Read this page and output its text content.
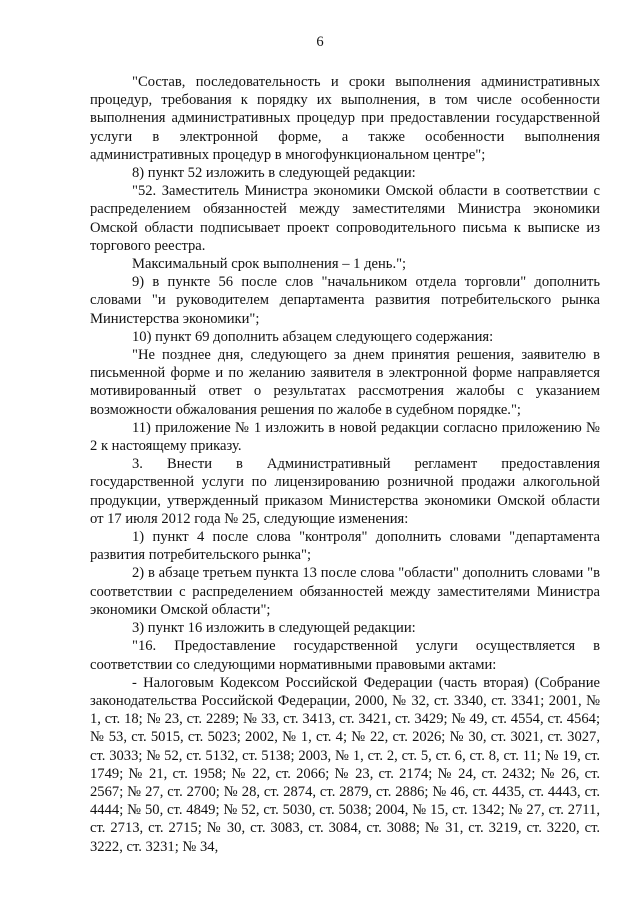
6

"Состав, последовательность и сроки выполнения административных процедур, требования к порядку их выполнения, в том числе особенности выполнения административных процедур при предоставлении государственной услуги в электронной форме, а также особенности выполнения административных процедур в многофункциональном центре";

8) пункт 52 изложить в следующей редакции:

"52. Заместитель Министра экономики Омской области в соответствии с распределением обязанностей между заместителями Министра экономики Омской области подписывает проект сопроводительного письма к выписке из торгового реестра.

Максимальный срок выполнения – 1 день.";

9) в пункте 56 после слов "начальником отдела торговли" дополнить словами "и руководителем департамента развития потребительского рынка Министерства экономики";

10) пункт 69 дополнить абзацем следующего содержания:

"Не позднее дня, следующего за днем принятия решения, заявителю в письменной форме и по желанию заявителя в электронной форме направляется мотивированный ответ о результатах рассмотрения жалобы с указанием возможности обжалования решения по жалобе в судебном порядке.";

11) приложение № 1 изложить в новой редакции согласно приложению № 2 к настоящему приказу.

3. Внести в Административный регламент предоставления государственной услуги по лицензированию розничной продажи алкогольной продукции, утвержденный приказом Министерства экономики Омской области от 17 июля 2012 года № 25, следующие изменения:

1) пункт 4 после слова "контроля" дополнить словами "департамента развития потребительского рынка";

2) в абзаце третьем пункта 13 после слова "области" дополнить словами "в соответствии с распределением обязанностей между заместителями Министра экономики Омской области";

3) пункт 16 изложить в следующей редакции:

"16. Предоставление государственной услуги осуществляется в соответствии со следующими нормативными правовыми актами:

- Налоговым Кодексом Российской Федерации (часть вторая) (Собрание законодательства Российской Федерации, 2000, № 32, ст. 3340, ст. 3341; 2001, № 1, ст. 18; № 23, ст. 2289; № 33, ст. 3413, ст. 3421, ст. 3429; № 49, ст. 4554, ст. 4564; № 53, ст. 5015, ст. 5023; 2002, № 1, ст. 4; № 22, ст. 2026; № 30, ст. 3021, ст. 3027, ст. 3033; № 52, ст. 5132, ст. 5138; 2003, № 1, ст. 2, ст. 5, ст. 6, ст. 8, ст. 11; № 19, ст. 1749; № 21, ст. 1958; № 22, ст. 2066; № 23, ст. 2174; № 24, ст. 2432; № 26, ст. 2567; № 27, ст. 2700; № 28, ст. 2874, ст. 2879, ст. 2886; № 46, ст. 4435, ст. 4443, ст. 4444; № 50, ст. 4849; № 52, ст. 5030, ст. 5038; 2004, № 15, ст. 1342; № 27, ст. 2711, ст. 2713, ст. 2715; № 30, ст. 3083, ст. 3084, ст. 3088; № 31, ст. 3219, ст. 3220, ст. 3222, ст. 3231; № 34,
